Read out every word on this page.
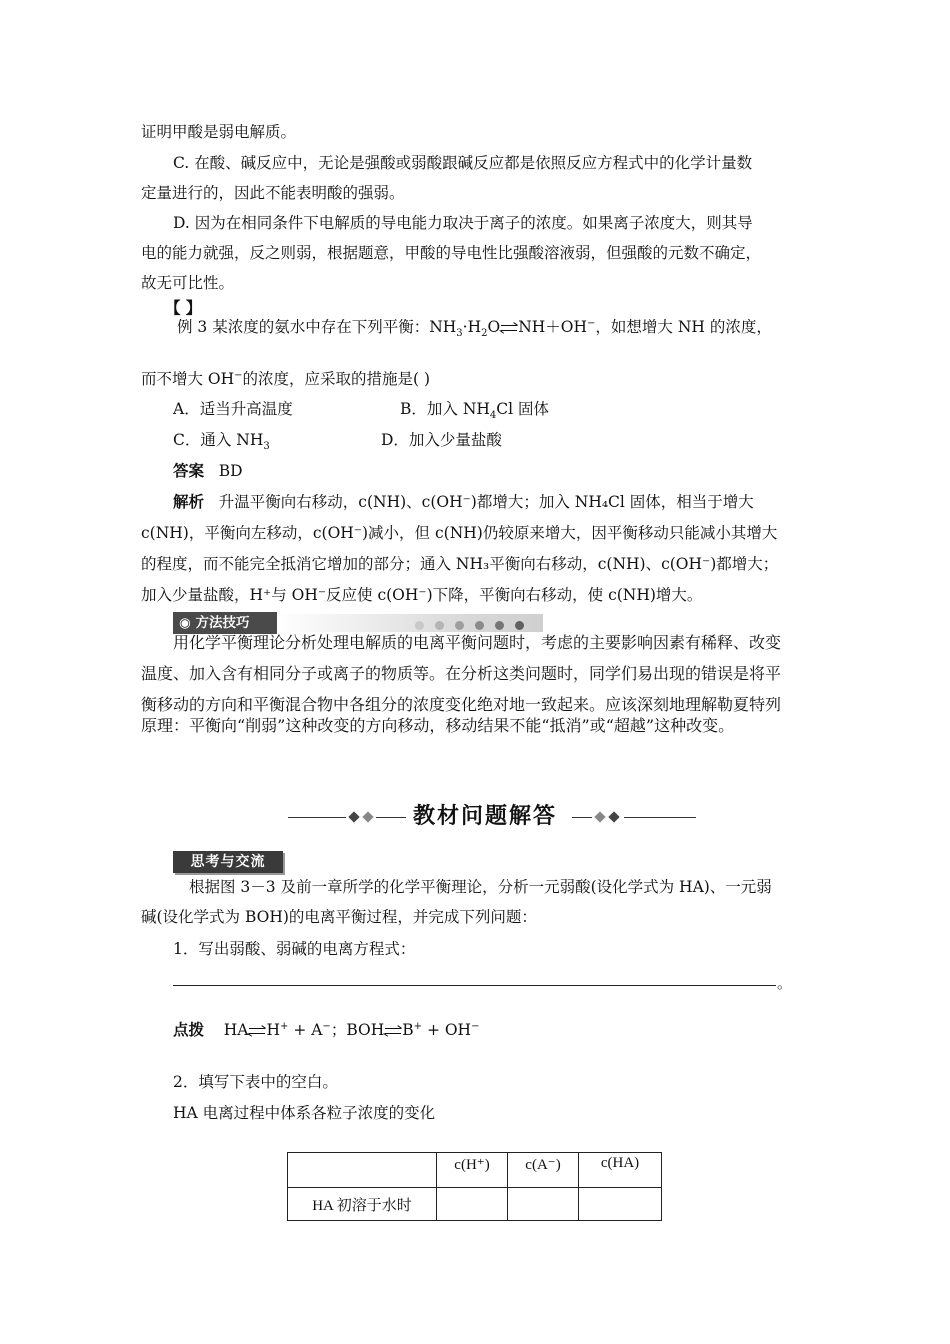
证明甲酸是弱电解质。
C. 在酸、碱反应中，无论是强酸或弱酸跟碱反应都是依照反应方程式中的化学计量数
定量进行的，因此不能表明酸的强弱。
D. 因为在相同条件下电解质的导电能力取决于离子的浓度。如果离子浓度大，则其导
电的能力就强，反之则弱，根据题意，甲酸的导电性比强酸溶液弱，但强酸的元数不确定，
故无可比性。
【 】
例 3 某浓度的氨水中存在下列平衡：$NH_3\cdot H_2O$ NH＋OH−，如想增大 NH 的浓度，
而不增大 OH−的浓度，应采取的措施是( )
A．适当升高温度	B．加入 $NH_4Cl$ 固体
C．通入 $NH_3$	D．加入少量盐酸
答案 BD
解析 升温平衡向右移动，c(NH)、c(OH⁻)都增大；加入 NH₄Cl 固体，相当于增大
c(NH)，平衡向左移动，c(OH⁻)减小，但 c(NH)仍较原来增大，因平衡移动只能减小其增大
的程度，而不能完全抵消它增加的部分；通入 NH₃平衡向右移动，c(NH)、c(OH⁻)都增大；
加入少量盐酸，H⁺与 OH⁻反应使 c(OH⁻)下降，平衡向右移动，使 c(NH)增大。
◉ 方法技巧
用化学平衡理论分析处理电解质的电离平衡问题时，考虑的主要影响因素有稀释、改变
温度、加入含有相同分子或离子的物质等。在分析这类问题时，同学们易出现的错误是将平
衡移动的方向和平衡混合物中各组分的浓度变化绝对地一致起来。应该深刻地理解勒夏特列
原理：平衡向“削弱”这种改变的方向移动，移动结果不能“抵消”或“超越”这种改变。
教材问题解答
思考与交流
根据图 3－3 及前一章所学的化学平衡理论，分析一元弱酸(设化学式为 HA)、一元弱
碱(设化学式为 BOH)的电离平衡过程，并完成下列问题：
1．写出弱酸、弱碱的电离方程式：
。
点拨 HA H+ + A−；BOH B+ + OH−
2．填写下表中的空白。
HA 电离过程中体系各粒子浓度的变化
	c(H⁺)	c(A⁻)	c(HA)
HA 初溶于水时			
